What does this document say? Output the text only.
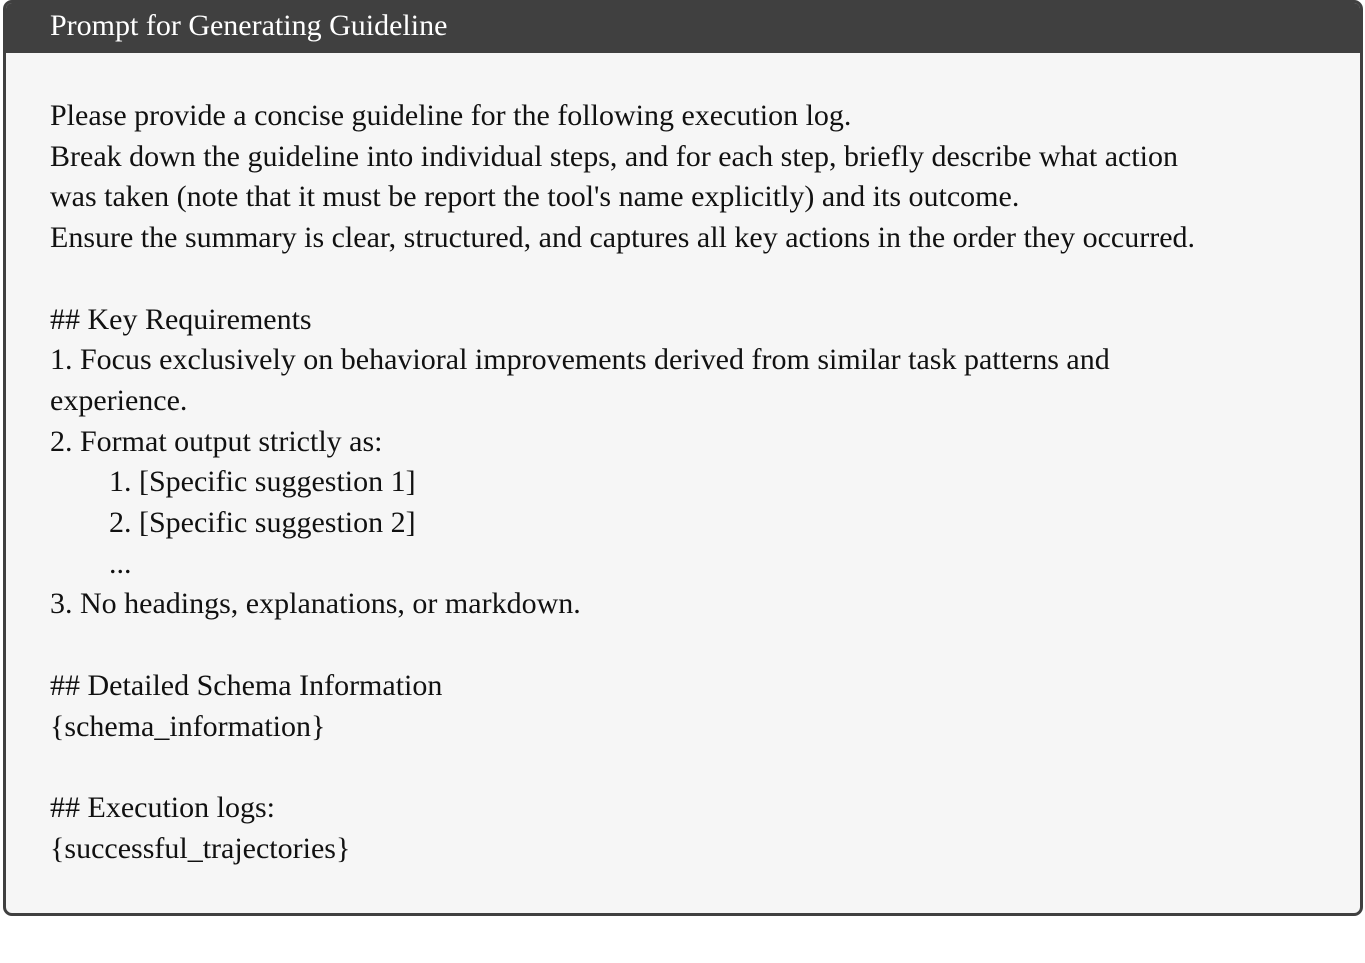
Prompt for Generating Guideline
Please provide a concise guideline for the following execution log.
Break down the guideline into individual steps, and for each step, briefly describe what action
was taken (note that it must be report the tool's name explicitly) and its outcome.
Ensure the summary is clear, structured, and captures all key actions in the order they occurred.
## Key Requirements
1. Focus exclusively on behavioral improvements derived from similar task patterns and
experience.
2. Format output strictly as:
1. [Specific suggestion 1]
2. [Specific suggestion 2]
...
3. No headings, explanations, or markdown.
## Detailed Schema Information
{schema_information}
## Execution logs:
{successful_trajectories}
